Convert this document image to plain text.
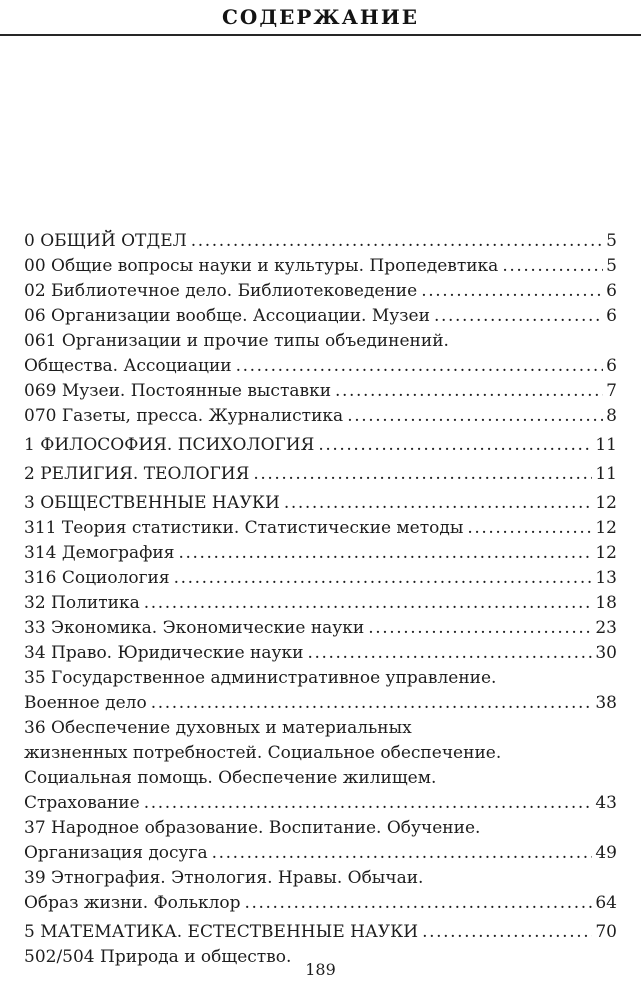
СОДЕРЖАНИЕ
0 ОБЩИЙ ОТДЕЛ .....	5
00 Общие вопросы науки и культуры. Пропедевтика .....	5
02 Библиотечное дело. Библиотековедение .....	6
06 Организации вообще. Ассоциации. Музеи .....	6
061 Организации и прочие типы объединений.
Общества. Ассоциации .....	6
069 Музеи. Постоянные выставки .....	7
070 Газеты, пресса. Журналистика .....	8
1 ФИЛОСОФИЯ. ПСИХОЛОГИЯ .....	11
2 РЕЛИГИЯ. ТЕОЛОГИЯ .....	11
3 ОБЩЕСТВЕННЫЕ НАУКИ .....	12
311 Теория статистики. Статистические методы .....	12
314 Демография .....	12
316 Социология .....	13
32 Политика .....	18
33 Экономика. Экономические науки .....	23
34 Право. Юридические науки .....	30
35 Государственное административное управление.
Военное дело .....	38
36 Обеспечение духовных и материальных
жизненных потребностей. Социальное обеспечение.
Социальная помощь. Обеспечение жилищем.
Страхование .....	43
37 Народное образование. Воспитание. Обучение.
Организация досуга .....	49
39 Этнография. Этнология. Нравы. Обычаи.
Образ жизни. Фольклор .....	64
5 МАТЕМАТИКА. ЕСТЕСТВЕННЫЕ НАУКИ .....	70
502/504 Природа и общество.
189
